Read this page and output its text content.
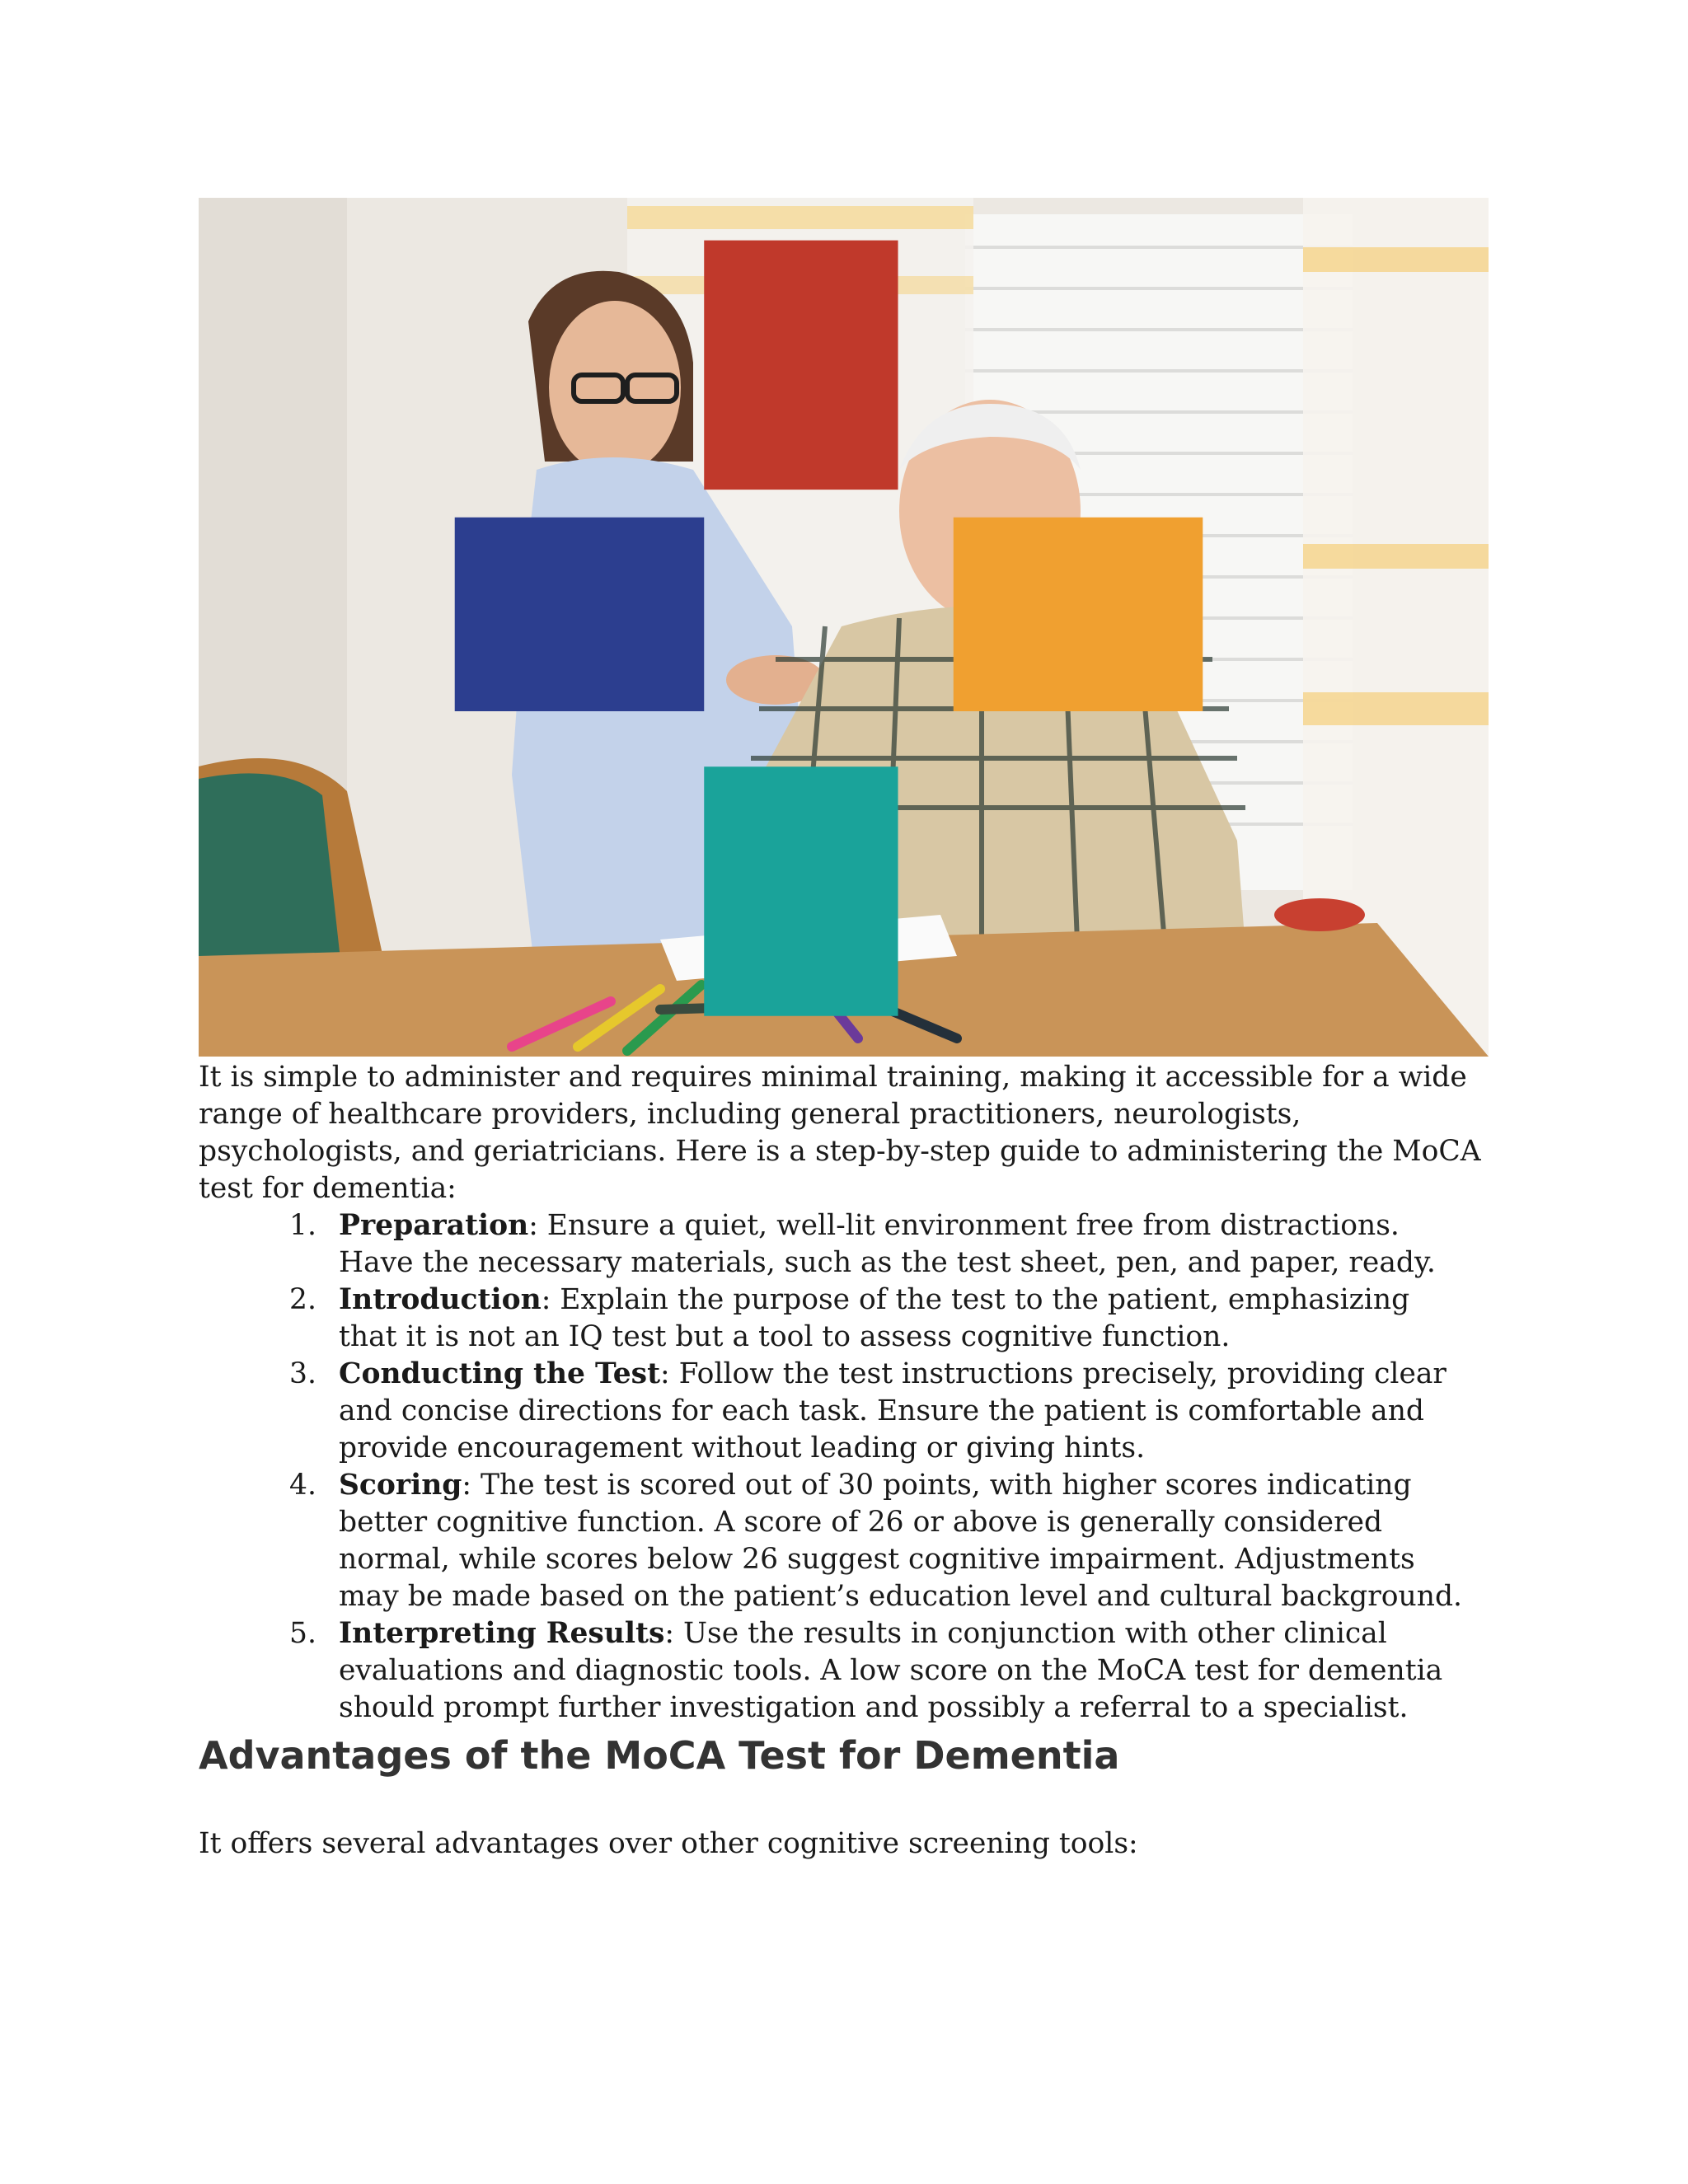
It is simple to administer and requires minimal training, making it accessible for a wide range of healthcare providers, including general practitioners, neurologists, psychologists, and geriatricians. Here is a step-by-step guide to administering the MoCA test for dementia:

1. Preparation: Ensure a quiet, well-lit environment free from distractions. Have the necessary materials, such as the test sheet, pen, and paper, ready.
2. Introduction: Explain the purpose of the test to the patient, emphasizing that it is not an IQ test but a tool to assess cognitive function.
3. Conducting the Test: Follow the test instructions precisely, providing clear and concise directions for each task. Ensure the patient is comfortable and provide encouragement without leading or giving hints.
4. Scoring: The test is scored out of 30 points, with higher scores indicating better cognitive function. A score of 26 or above is generally considered normal, while scores below 26 suggest cognitive impairment. Adjustments may be made based on the patient’s education level and cultural background.
5. Interpreting Results: Use the results in conjunction with other clinical evaluations and diagnostic tools. A low score on the MoCA test for dementia should prompt further investigation and possibly a referral to a specialist.
Advantages of the MoCA Test for Dementia

It offers several advantages over other cognitive screening tools:
